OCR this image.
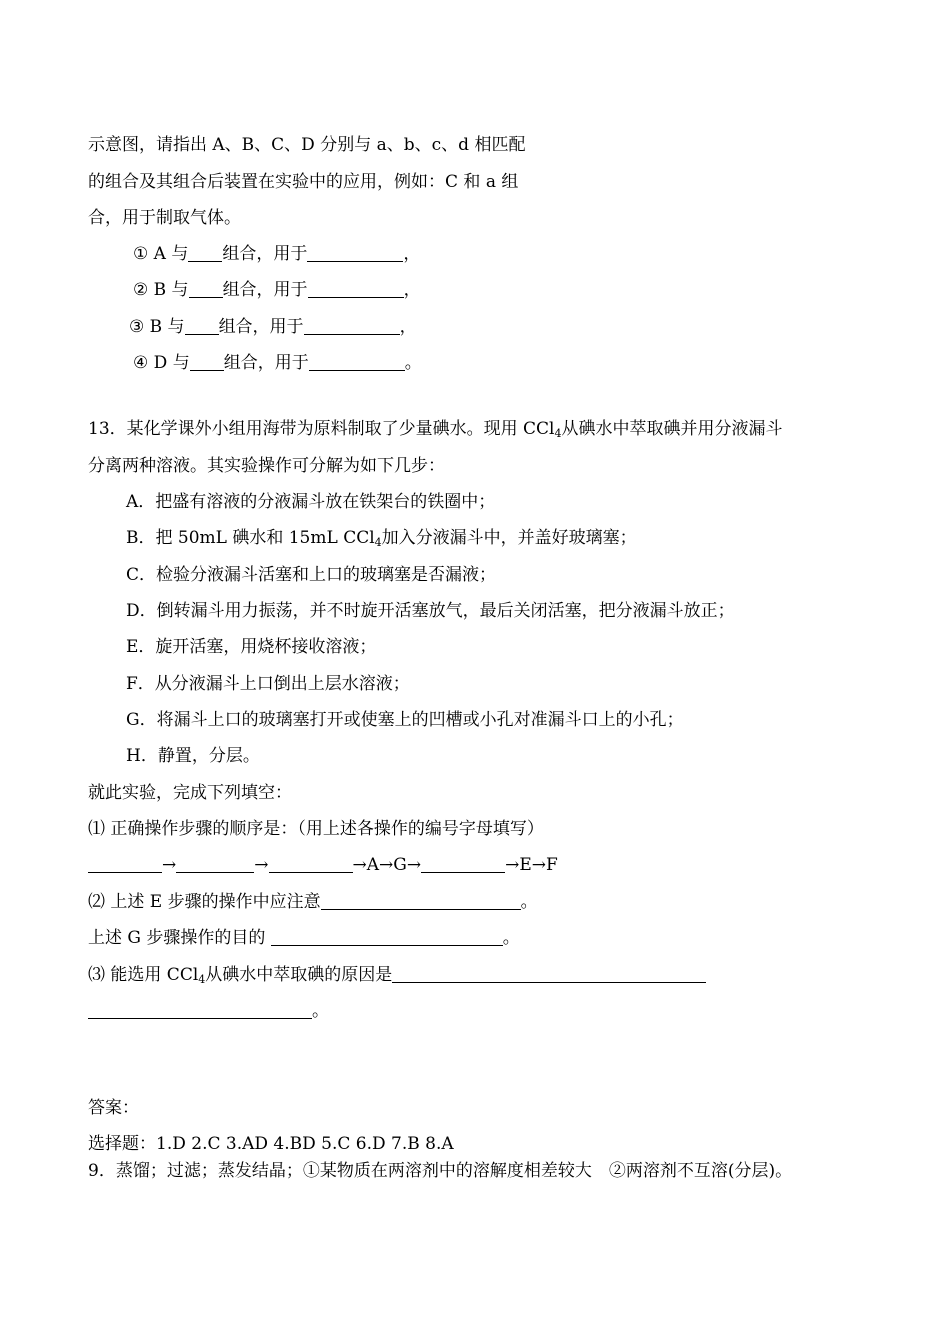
示意图，请指出 A、B、C、D 分别与 a、b、c、d 相匹配
的组合及其组合后装置在实验中的应用，例如：C 和 a 组
合，用于制取气体。
① A 与 组合，用于	，
② B 与 组合，用于	，
③ B 与 组合，用于	，
④ D 与 组合，用于	。
13．某化学课外小组用海带为原料制取了少量碘水。现用 CCl$_4$从碘水中萃取碘并用分液漏斗
分离两种溶液。其实验操作可分解为如下几步：
A．把盛有溶液的分液漏斗放在铁架台的铁圈中；
B．把 50mL 碘水和 15mL CCl$_4$加入分液漏斗中，并盖好玻璃塞；
C．检验分液漏斗活塞和上口的玻璃塞是否漏液；
D．倒转漏斗用力振荡，并不时旋开活塞放气，最后关闭活塞，把分液漏斗放正；
E．旋开活塞，用烧杯接收溶液；
F．从分液漏斗上口倒出上层水溶液；
G．将漏斗上口的玻璃塞打开或使塞上的凹槽或小孔对准漏斗口上的小孔；
H．静置，分层。
就此实验，完成下列填空：
⑴ 正确操作步骤的顺序是：（用上述各操作的编号字母填写）
→	→	→A→G→	→E→F
⑵ 上述 E 步骤的操作中应注意	。
上述 G 步骤操作的目的	。
⑶ 能选用 CCl$_4$从碘水中萃取碘的原因是
。
答案：
选择题：1.D 2.C 3.AD 4.BD 5.C 6.D 7.B 8.A
9．蒸馏；过滤；蒸发结晶；①某物质在两溶剂中的溶解度相差较大　②两溶剂不互溶(分层)。
